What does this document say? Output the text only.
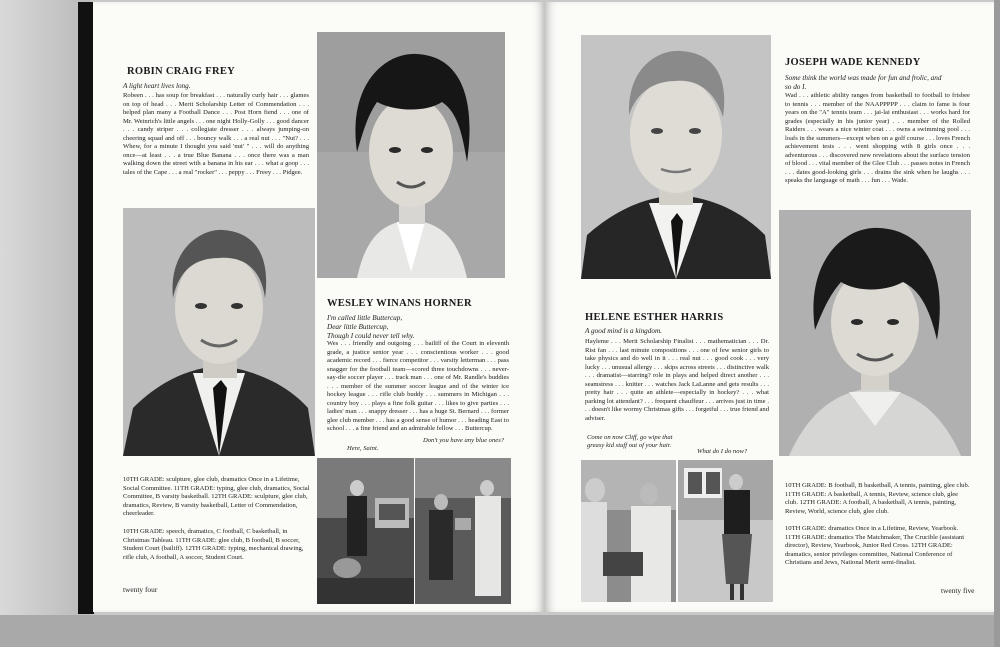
ROBIN CRAIG FREY
A light heart lives long.
Robeen . . . has soup for breakfast . . . naturally curly hair . . . glames on top of head . . . Merit Scholarship Letter of Commendation . . . helped plan many a Football Dance . . . Post Horn fiend . . . one of Mr. Weinrich's little angels . . . one night Holly-Golly . . . good dancer . . . candy striper . . . collegiate dresser . . . always jumping-on cheering squad and off . . . bouncy walk . . . a real nut . . . "Nut? . . . Whew, for a minute I thought you said 'nut' " . . . will do anything once—at least . . . a true Blue Banana . . . once there was a man walking down the street with a banana in his ear . . . what a goop . . . tales of the Cape . . . a real "rocker" . . . peppy . . . Freey . . . Pidgee.
WESLEY WINANS HORNER
I'm called little Buttercup,
Dear little Buttercup,
Though I could never tell why.
Wes . . . friendly and outgoing . . . bailiff of the Court in eleventh grade, a justice senior year . . . conscientious worker . . . good academic record . . . fierce competitor . . . varsity letterman . . . pass snagger for the football team—scored three touchdowns . . . never-say-die soccer player . . . track man . . . one of Mr. Randle's buddies . . . member of the summer soccer league and of the winter ice hockey league . . . rifle club buddy . . . summers in Michigan . . . country boy . . . plays a fine folk guitar . . . likes to give parties . . . ladies' man . . . snappy dresser . . . has a huge St. Bernard . . . former glee club member . . . has a good sense of humor . . . heading East to school . . . a fine friend and an admirable fellow . . . Buttercup.
Here, Saint.
Don't you have any blue ones?
10TH GRADE: sculpture, glee club, dramatics Once in a Lifetime, Social Committee. 11TH GRADE: typing, glee club, dramatics, Social Committee, B varsity basketball. 12TH GRADE: sculpture, glee club, dramatics, Review, B varsity basketball, Letter of Commendation, cheerleader.
10TH GRADE: speech, dramatics, C football, C basketball, in Christmas Tableau. 11TH GRADE: glee club, B football, B soccer, Student Court (bailiff). 12TH GRADE: typing, mechanical drawing, rifle club, A football, A soccer, Student Court.
twenty four
JOSEPH WADE KENNEDY
Some think the world was made for fun and frolic, and
so do I.
Wad . . . athletic ability ranges from basketball to football to frisbee to tennis . . . member of the NAAPPPPP . . . claim to fame is four years on the "A" tennis team . . . jai-lai enthusiast . . . works hard for grades (especially in his junior year) . . . member of the Rolled Raiders . . . wears a nice winter coat . . . owns a swimming pool . . . loafs in the summers—except when on a golf course . . . loves French achievement tests . . . went shopping with 8 girls once . . . adventurous . . . discovered new revelations about the surface tension of blood . . . vital member of the Glee Club . . . passes notes in French . . . dates good-looking girls . . . drains the sink when he laughs . . . speaks the language of math . . . fun . . . Wade.
HELENE ESTHER HARRIS
A good mind is a kingdom.
Hayleme . . . Merit Scholarship Finalist . . . mathematician . . . Dr. Rist fan . . . last minute compositions . . . one of few senior girls to take physics and do well in it . . . real nut . . . good cook . . . very lucky . . . unusual allergy . . . skips across streets . . . distinctive walk . . . dramatist—starring? role in plays and helped direct another . . . seamstress . . . knitter . . . watches Jack LaLanne and gets results . . . pretty hair . . . quite an athlete—especially in hockey? . . . what parking lot attendant? . . . frequent chauffeur . . . arrives just in time . . . doesn't like wormy Christmas gifts . . . forgetful . . . true friend and adviser.
Come on now Cliff, go wipe that greasy kid stuff out of your hair.
What do I do now?
10TH GRADE: B football, B basketball, A tennis, painting, glee club. 11TH GRADE: A basketball, A tennis, Review, science club, glee club. 12TH GRADE: A football, A basketball, A tennis, painting, Review, World, science club, glee club.
10TH GRADE: dramatics Once in a Lifetime, Review, Yearbook. 11TH GRADE: dramatics The Matchmaker, The Crucible (assistant director), Review, Yearbook, Junior Red Cross. 12TH GRADE: dramatics, senior privileges committee, National Conference of Christians and Jews, National Merit semi-finalist.
twenty five
